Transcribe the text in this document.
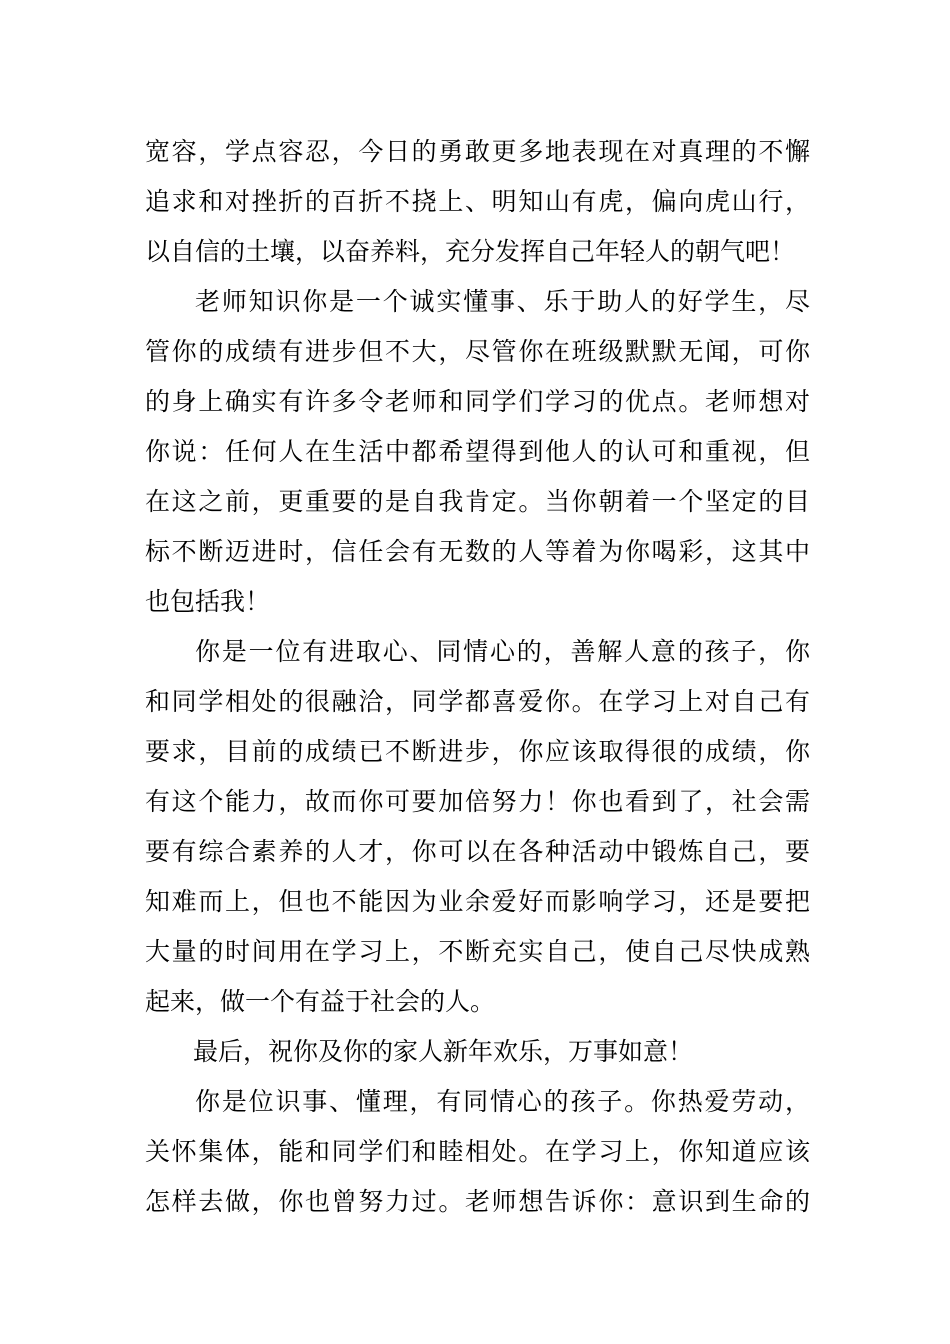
宽容，学点容忍，今日的勇敢更多地表现在对真理的不懈
追求和对挫折的百折不挠上、明知山有虎，偏向虎山行，
以自信的土壤，以奋养料，充分发挥自己年轻人的朝气吧！
老师知识你是一个诚实懂事、乐于助人的好学生，尽
管你的成绩有进步但不大，尽管你在班级默默无闻，可你
的身上确实有许多令老师和同学们学习的优点。老师想对
你说：任何人在生活中都希望得到他人的认可和重视，但
在这之前，更重要的是自我肯定。当你朝着一个坚定的目
标不断迈进时，信任会有无数的人等着为你喝彩，这其中
也包括我！
你是一位有进取心、同情心的，善解人意的孩子，你
和同学相处的很融洽，同学都喜爱你。在学习上对自己有
要求，目前的成绩已不断进步，你应该取得很的成绩，你
有这个能力，故而你可要加倍努力！你也看到了，社会需
要有综合素养的人才，你可以在各种活动中锻炼自己，要
知难而上，但也不能因为业余爱好而影响学习，还是要把
大量的时间用在学习上，不断充实自己，使自己尽快成熟
起来，做一个有益于社会的人。
最后，祝你及你的家人新年欢乐，万事如意！
你是位识事、懂理，有同情心的孩子。你热爱劳动，
关怀集体，能和同学们和睦相处。在学习上，你知道应该
怎样去做，你也曾努力过。老师想告诉你：意识到生命的
